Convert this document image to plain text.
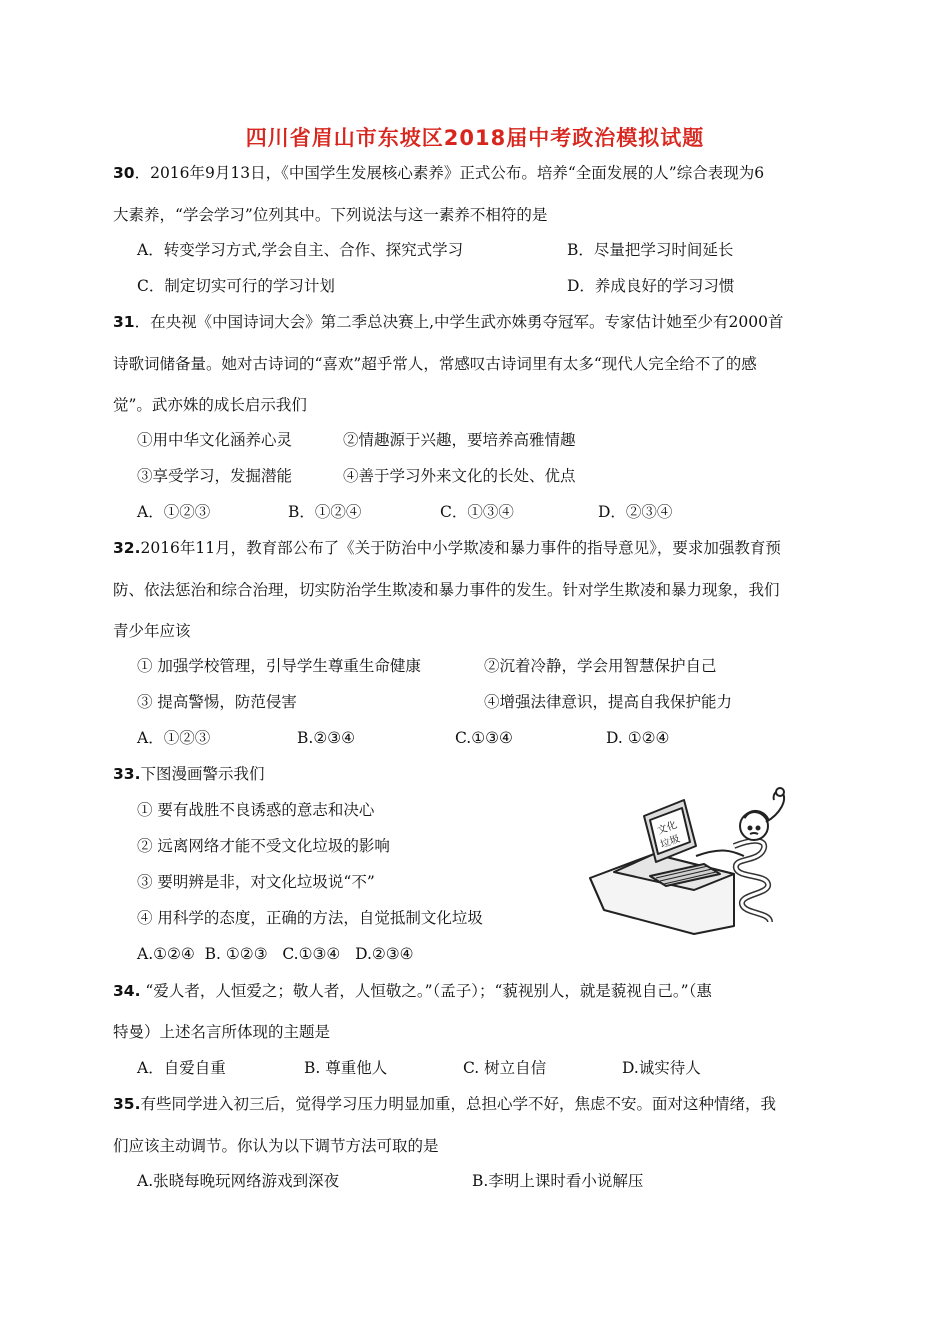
四川省眉山市东坡区2018届中考政治模拟试题
30．2016年9月13日，《中国学生发展核心素养》正式公布。培养“全面发展的人”综合表现为6
大素养，“学会学习”位列其中。下列说法与这一素养不相符的是
A．转变学习方式,学会自主、合作、探究式学习	B．尽量把学习时间延长
C．制定切实可行的学习计划	D．养成良好的学习习惯
31．在央视《中国诗词大会》第二季总决赛上,中学生武亦姝勇夺冠军。专家估计她至少有2000首
诗歌词储备量。她对古诗词的“喜欢”超乎常人，常感叹古诗词里有太多“现代人完全给不了的感
觉”。武亦姝的成长启示我们
①用中华文化涵养心灵	②情趣源于兴趣，要培养高雅情趣
③享受学习，发掘潜能	④善于学习外来文化的长处、优点
A．①②③	B．①②④	C．①③④	D．②③④
32.2016年11月，教育部公布了《关于防治中小学欺凌和暴力事件的指导意见》，要求加强教育预
防、依法惩治和综合治理，切实防治学生欺凌和暴力事件的发生。针对学生欺凌和暴力现象，我们
青少年应该
① 加强学校管理，引导学生尊重生命健康	②沉着冷静，学会用智慧保护自己
③ 提高警惕，防范侵害	④增强法律意识，提高自我保护能力
A．①②③	B.②③④	C.①③④	D. ①②④
33.下图漫画警示我们
① 要有战胜不良诱惑的意志和决心
② 远离网络才能不受文化垃圾的影响
③ 要明辨是非，对文化垃圾说“不”
④ 用科学的态度，正确的方法，自觉抵制文化垃圾
A.①②④  B. ①②③   C.①③④   D.②③④
文化
垃圾
34. “爱人者，人恒爱之；敬人者，人恒敬之。”（孟子）；“藐视别人，就是藐视自己。”（惠
特曼）上述名言所体现的主题是
A．自爱自重	B. 尊重他人	C. 树立自信	D.诚实待人
35.有些同学进入初三后，觉得学习压力明显加重，总担心学不好，焦虑不安。面对这种情绪，我
们应该主动调节。你认为以下调节方法可取的是
A.张晓每晚玩网络游戏到深夜	B.李明上课时看小说解压
